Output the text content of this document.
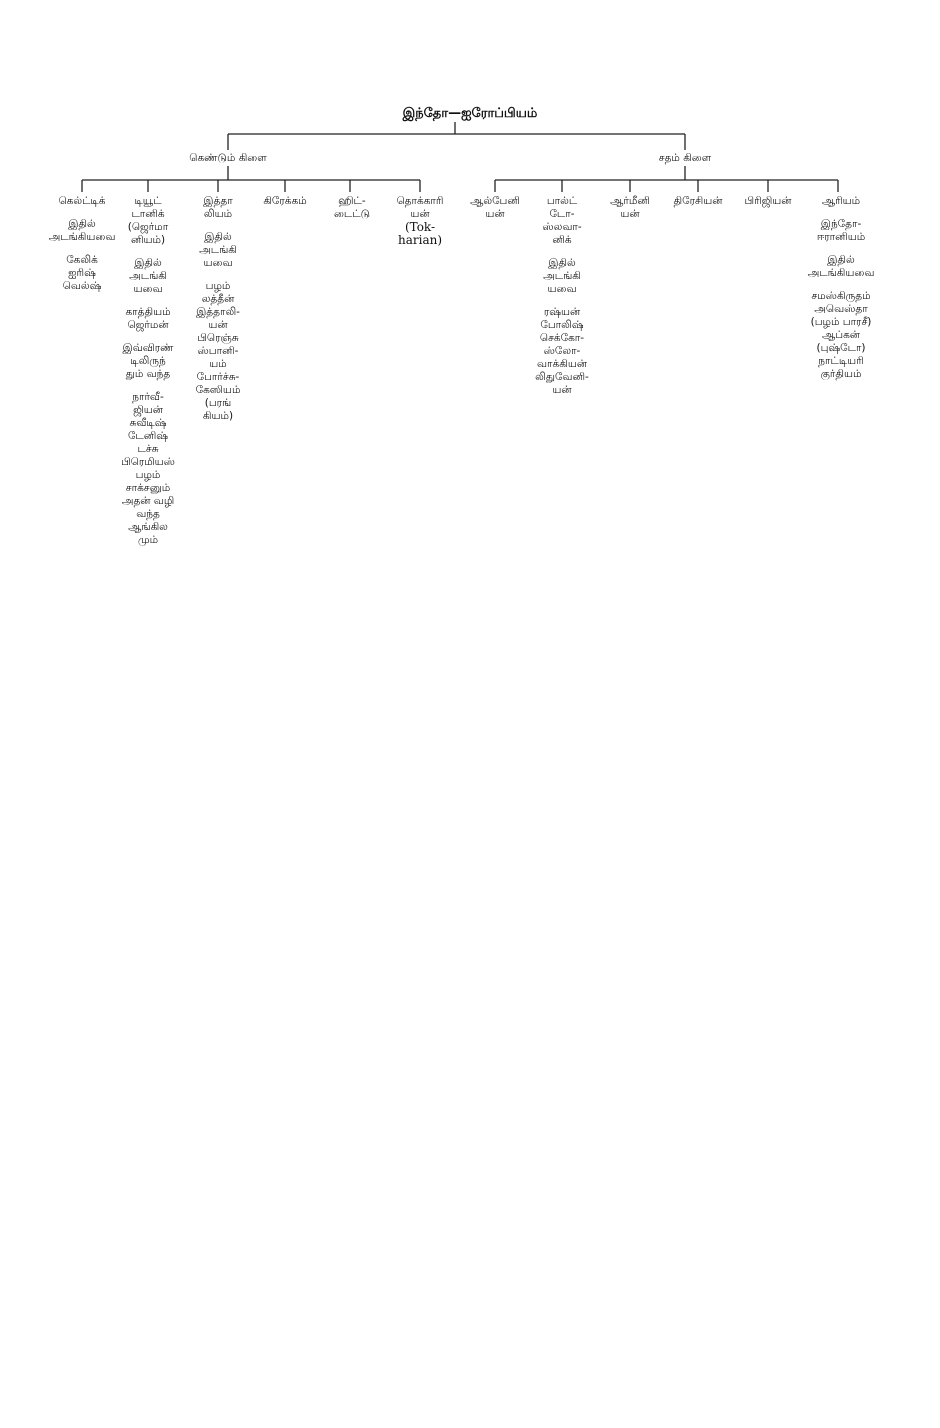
இந்தோ—ஐரோப்பியம்
கெண்டும் கிளை	சதம் கிளை
கெல்ட்டிக்
இதில்
அடங்கியவை
கேலிக்
ஐரிஷ்
வெல்ஷ்
டியூட்
டானிக்
(ஜெர்மா
னியம்)
இதில்
அடங்கி
யவை
காத்தியம்
ஜெர்மன்
இவ்விரண்
டிலிருந்
தும் வந்த
நார்வீ-
ஜியன்
சுவீடிஷ்
டேனிஷ்
டச்சு
பிரெமியஸ்
பழம்
சாக்சனும்
அதன் வழி
வந்த
ஆங்கில
மும்
இத்தா
லியம்
இதில்
அடங்கி
யவை
பழம்
லத்தீன்
இத்தாலி-
யன்
பிரெஞ்சு
ஸ்பானி-
யம்
போர்ச்சு-
கேஸியம்
(பரங்
கியம்)
கிரேக்கம்	ஹிட்-
டைட்டு
தொக்காரி
யன்
(Tok-
harian)
ஆல்பேனி
யன்
பால்ட்
டோ-
ஸ்லவா-
னிக்
இதில்
அடங்கி
யவை
ரஷ்யன்
போலிஷ்
செக்கோ-
ஸ்லோ-
வாக்கியன்
லிதுவேனி-
யன்
ஆர்மீனி
யன்
திரேசியன்	பிரிஜியன்	ஆரியம்
இந்தோ-
ஈரானியம்
இதில்
அடங்கியவை
சமஸ்கிருதம்
அவெஸ்தா
(பழம் பாரசீ)
ஆப்கன்
(புஷ்டோ)
நாட்டியரி
குர்தியம்
